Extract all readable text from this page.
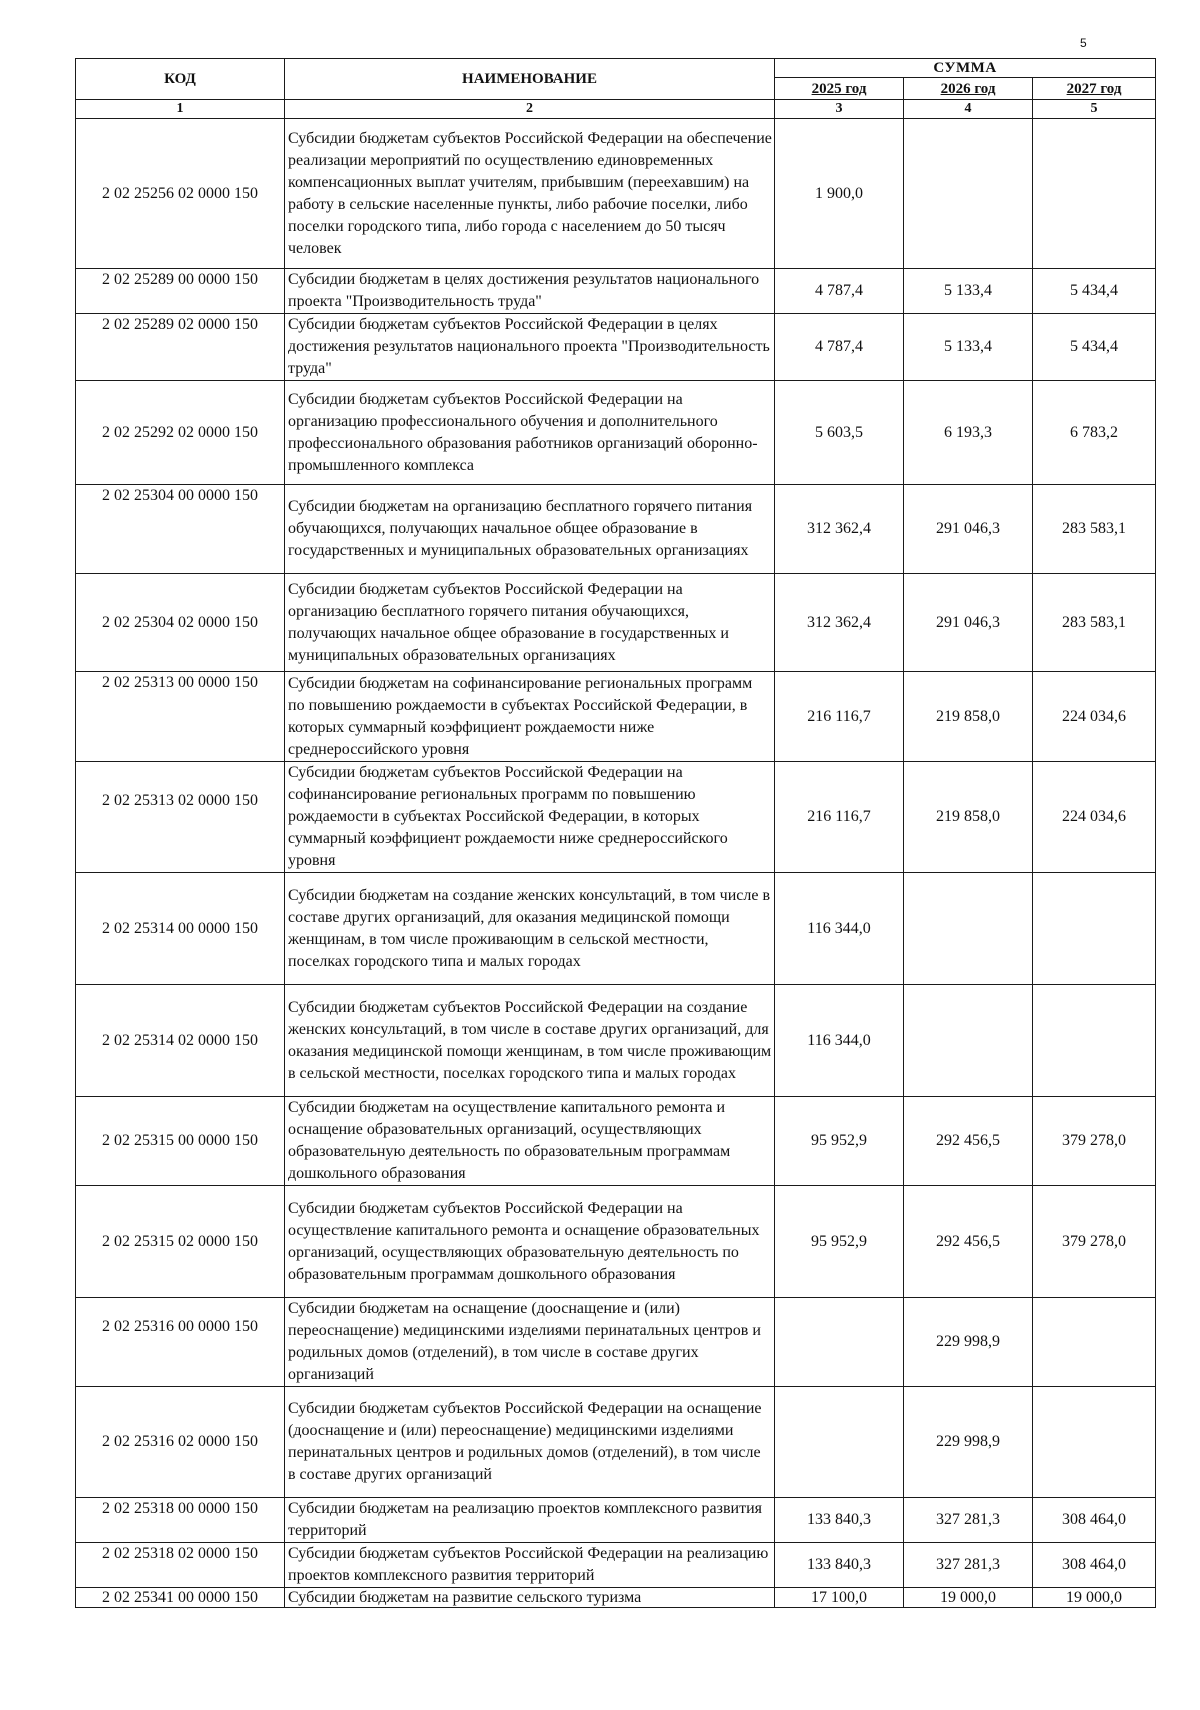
5
КОД	НАИМЕНОВАНИЕ	СУММА		
		2025 год	2026 год	2027 год
1	2	3	4	5
2 02 25256 02 0000 150	Субсидии бюджетам субъектов Российской Федерации на обеспечение реализации мероприятий по осуществлению единовременных компенсационных выплат учителям, прибывшим (переехавшим) на работу в сельские населенные пункты, либо рабочие поселки, либо поселки городского типа, либо города с населением до 50 тысяч человек	1 900,0		
2 02 25289 00 0000 150	Субсидии бюджетам в целях достижения результатов национального проекта "Производительность труда"	4 787,4	5 133,4	5 434,4
2 02 25289 02 0000 150	Субсидии бюджетам субъектов Российской Федерации в целях достижения результатов национального проекта "Производительность труда"	4 787,4	5 133,4	5 434,4
2 02 25292 02 0000 150	Субсидии бюджетам субъектов Российской Федерации на организацию профессионального обучения и дополнительного профессионального образования работников организаций оборонно-промышленного комплекса	5 603,5	6 193,3	6 783,2
2 02 25304 00 0000 150	Субсидии бюджетам на организацию бесплатного горячего питания обучающихся, получающих начальное общее образование в государственных и муниципальных образовательных организациях	312 362,4	291 046,3	283 583,1
2 02 25304 02 0000 150	Субсидии бюджетам субъектов Российской Федерации на организацию бесплатного горячего питания обучающихся, получающих начальное общее образование в государственных и муниципальных образовательных организациях	312 362,4	291 046,3	283 583,1
2 02 25313 00 0000 150	Субсидии бюджетам на софинансирование региональных программ по повышению рождаемости в субъектах Российской Федерации, в которых суммарный коэффициент рождаемости ниже среднероссийского уровня	216 116,7	219 858,0	224 034,6
2 02 25313 02 0000 150	Субсидии бюджетам субъектов Российской Федерации на софинансирование региональных программ по повышению рождаемости в субъектах Российской Федерации, в которых суммарный коэффициент рождаемости ниже среднероссийского уровня	216 116,7	219 858,0	224 034,6
2 02 25314 00 0000 150	Субсидии бюджетам на создание женских консультаций, в том числе в составе других организаций, для оказания медицинской помощи женщинам, в том числе проживающим в сельской местности, поселках городского типа и малых городах	116 344,0		
2 02 25314 02 0000 150	Субсидии бюджетам субъектов Российской Федерации на создание женских консультаций, в том числе в составе других организаций, для оказания медицинской помощи женщинам, в том числе проживающим в сельской местности, поселках городского типа и малых городах	116 344,0		
2 02 25315 00 0000 150	Субсидии бюджетам на осуществление капитального ремонта и оснащение образовательных организаций, осуществляющих образовательную деятельность по образовательным программам дошкольного образования	95 952,9	292 456,5	379 278,0
2 02 25315 02 0000 150	Субсидии бюджетам субъектов Российской Федерации на осуществление капитального ремонта и оснащение образовательных организаций, осуществляющих образовательную деятельность по образовательным программам дошкольного образования	95 952,9	292 456,5	379 278,0
2 02 25316 00 0000 150	Субсидии бюджетам на оснащение (дооснащение и (или) переоснащение) медицинскими изделиями перинатальных центров и родильных домов (отделений), в том числе в составе других организаций		229 998,9	
2 02 25316 02 0000 150	Субсидии бюджетам субъектов Российской Федерации на оснащение (дооснащение и (или) переоснащение) медицинскими изделиями перинатальных центров и родильных домов (отделений), в том числе в составе других организаций		229 998,9	
2 02 25318 00 0000 150	Субсидии бюджетам на реализацию проектов комплексного развития территорий	133 840,3	327 281,3	308 464,0
2 02 25318 02 0000 150	Субсидии бюджетам субъектов Российской Федерации на реализацию проектов комплексного развития территорий	133 840,3	327 281,3	308 464,0
2 02 25341 00 0000 150	Субсидии бюджетам на развитие сельского туризма	17 100,0	19 000,0	19 000,0
